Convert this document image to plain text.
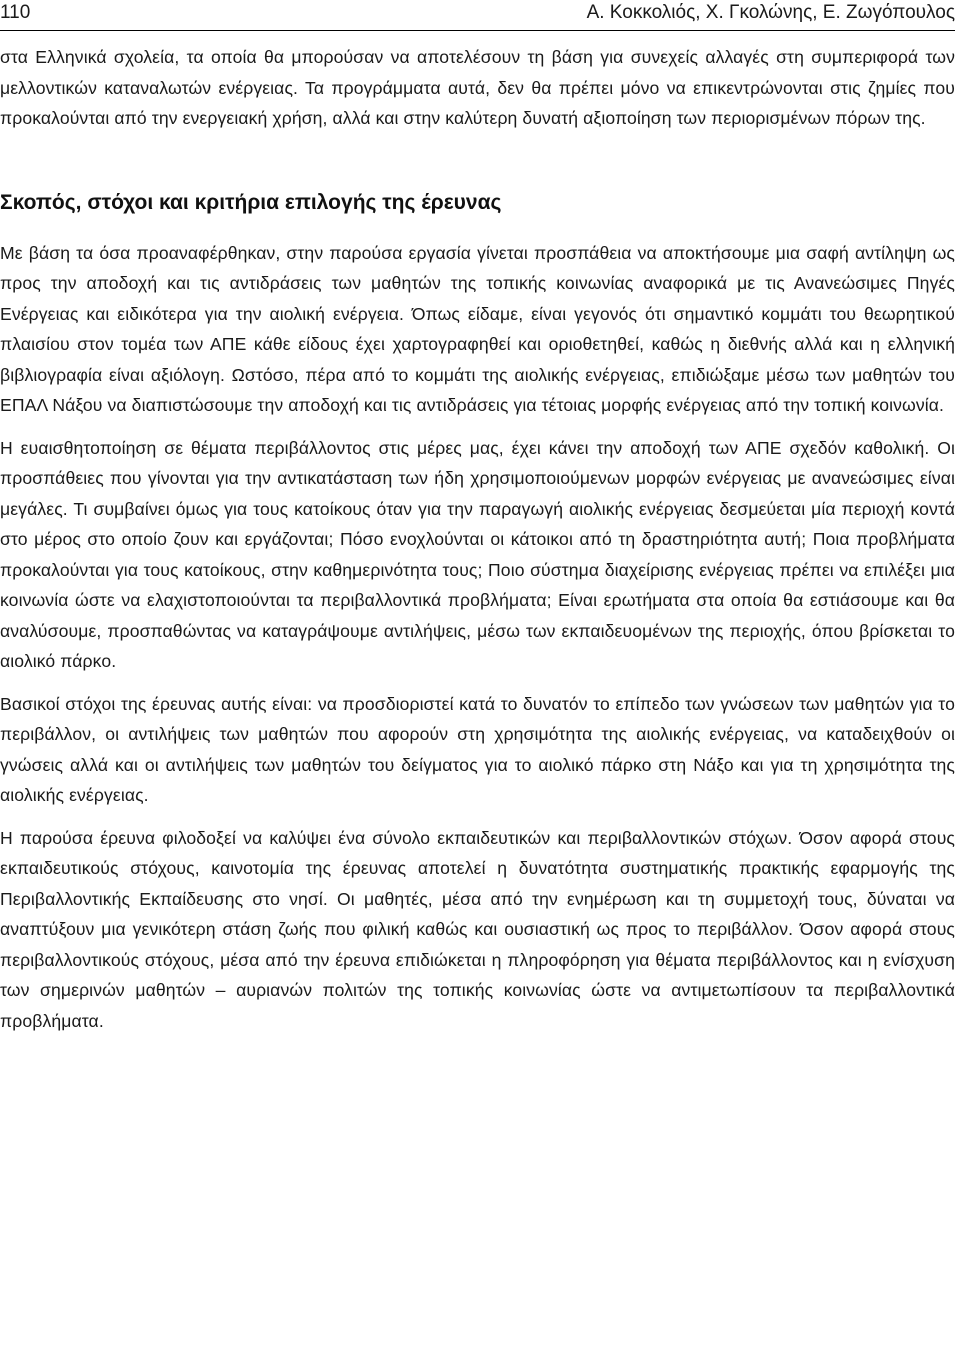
110	Α. Κοκκολιός, Χ. Γκολώνης, Ε. Ζωγόπουλος

στα Ελληνικά σχολεία, τα οποία θα μπορούσαν να αποτελέσουν τη βάση για συνεχείς αλλαγές στη συμπεριφορά των μελλοντικών καταναλωτών ενέργειας. Τα προγράμματα αυτά, δεν θα πρέπει μόνο να επικεντρώνονται στις ζημίες που προκαλούνται από την ενεργειακή χρήση, αλλά και στην καλύτερη δυνατή αξιοποίηση των περιορισμένων πόρων της.

Σκοπός, στόχοι και κριτήρια επιλογής της έρευνας

Με βάση τα όσα προαναφέρθηκαν, στην παρούσα εργασία γίνεται προσπάθεια να αποκτήσουμε μια σαφή αντίληψη ως προς την αποδοχή και τις αντιδράσεις των μαθητών της τοπικής κοινωνίας αναφορικά με τις Ανανεώσιμες Πηγές Ενέργειας και ειδικότερα για την αιολική ενέργεια. Όπως είδαμε, είναι γεγονός ότι σημαντικό κομμάτι του θεωρητικού πλαισίου στον τομέα των ΑΠΕ κάθε είδους έχει χαρτογραφηθεί και οριοθετηθεί, καθώς η διεθνής αλλά και η ελληνική βιβλιογραφία είναι αξιόλογη. Ωστόσο, πέρα από το κομμάτι της αιολικής ενέργειας, επιδιώξαμε μέσω των μαθητών του ΕΠΑΛ Νάξου να διαπιστώσουμε την αποδοχή και τις αντιδράσεις για τέτοιας μορφής ενέργειας από την τοπική κοινωνία.

Η ευαισθητοποίηση σε θέματα περιβάλλοντος στις μέρες μας, έχει κάνει την αποδοχή των ΑΠΕ σχεδόν καθολική. Οι προσπάθειες που γίνονται για την αντικατάσταση των ήδη χρησιμοποιούμενων μορφών ενέργειας με ανανεώσιμες είναι μεγάλες. Τι συμβαίνει όμως για τους κατοίκους όταν για την παραγωγή αιολικής ενέργειας δεσμεύεται μία περιοχή κοντά στο μέρος στο οποίο ζουν και εργάζονται; Πόσο ενοχλούνται οι κάτοικοι από τη δραστηριότητα αυτή; Ποια προβλήματα προκαλούνται για τους κατοίκους, στην καθημερινότητα τους; Ποιο σύστημα διαχείρισης ενέργειας πρέπει να επιλέξει μια κοινωνία ώστε να ελαχιστοποιούνται τα περιβαλλοντικά προβλήματα; Είναι ερωτήματα στα οποία θα εστιάσουμε και θα αναλύσουμε, προσπαθώντας να καταγράψουμε αντιλήψεις, μέσω των εκπαιδευομένων της περιοχής, όπου βρίσκεται το αιολικό πάρκο.

Βασικοί στόχοι της έρευνας αυτής είναι: να προσδιοριστεί κατά το δυνατόν το επίπεδο των γνώσεων των μαθητών για το περιβάλλον, οι αντιλήψεις των μαθητών που αφορούν στη χρησιμότητα της αιολικής ενέργειας, να καταδειχθούν οι γνώσεις αλλά και οι αντιλήψεις των μαθητών του δείγματος για το αιολικό πάρκο στη Νάξο και για τη χρησιμότητα της αιολικής ενέργειας.

Η παρούσα έρευνα φιλοδοξεί να καλύψει ένα σύνολο εκπαιδευτικών και περιβαλλοντικών στόχων. Όσον αφορά στους εκπαιδευτικούς στόχους, καινοτομία της έρευνας αποτελεί η δυνατότητα συστηματικής πρακτικής εφαρμογής της Περιβαλλοντικής Εκπαίδευσης στο νησί. Οι μαθητές, μέσα από την ενημέρωση και τη συμμετοχή τους, δύναται να αναπτύξουν μια γενικότερη στάση ζωής που φιλική καθώς και ουσιαστική ως προς το περιβάλλον. Όσον αφορά στους περιβαλλοντικούς στόχους, μέσα από την έρευνα επιδιώκεται η πληροφόρηση για θέματα περιβάλλοντος και η ενίσχυση των σημερινών μαθητών – αυριανών πολιτών της τοπικής κοινωνίας ώστε να αντιμετωπίσουν τα περιβαλλοντικά προβλήματα.
